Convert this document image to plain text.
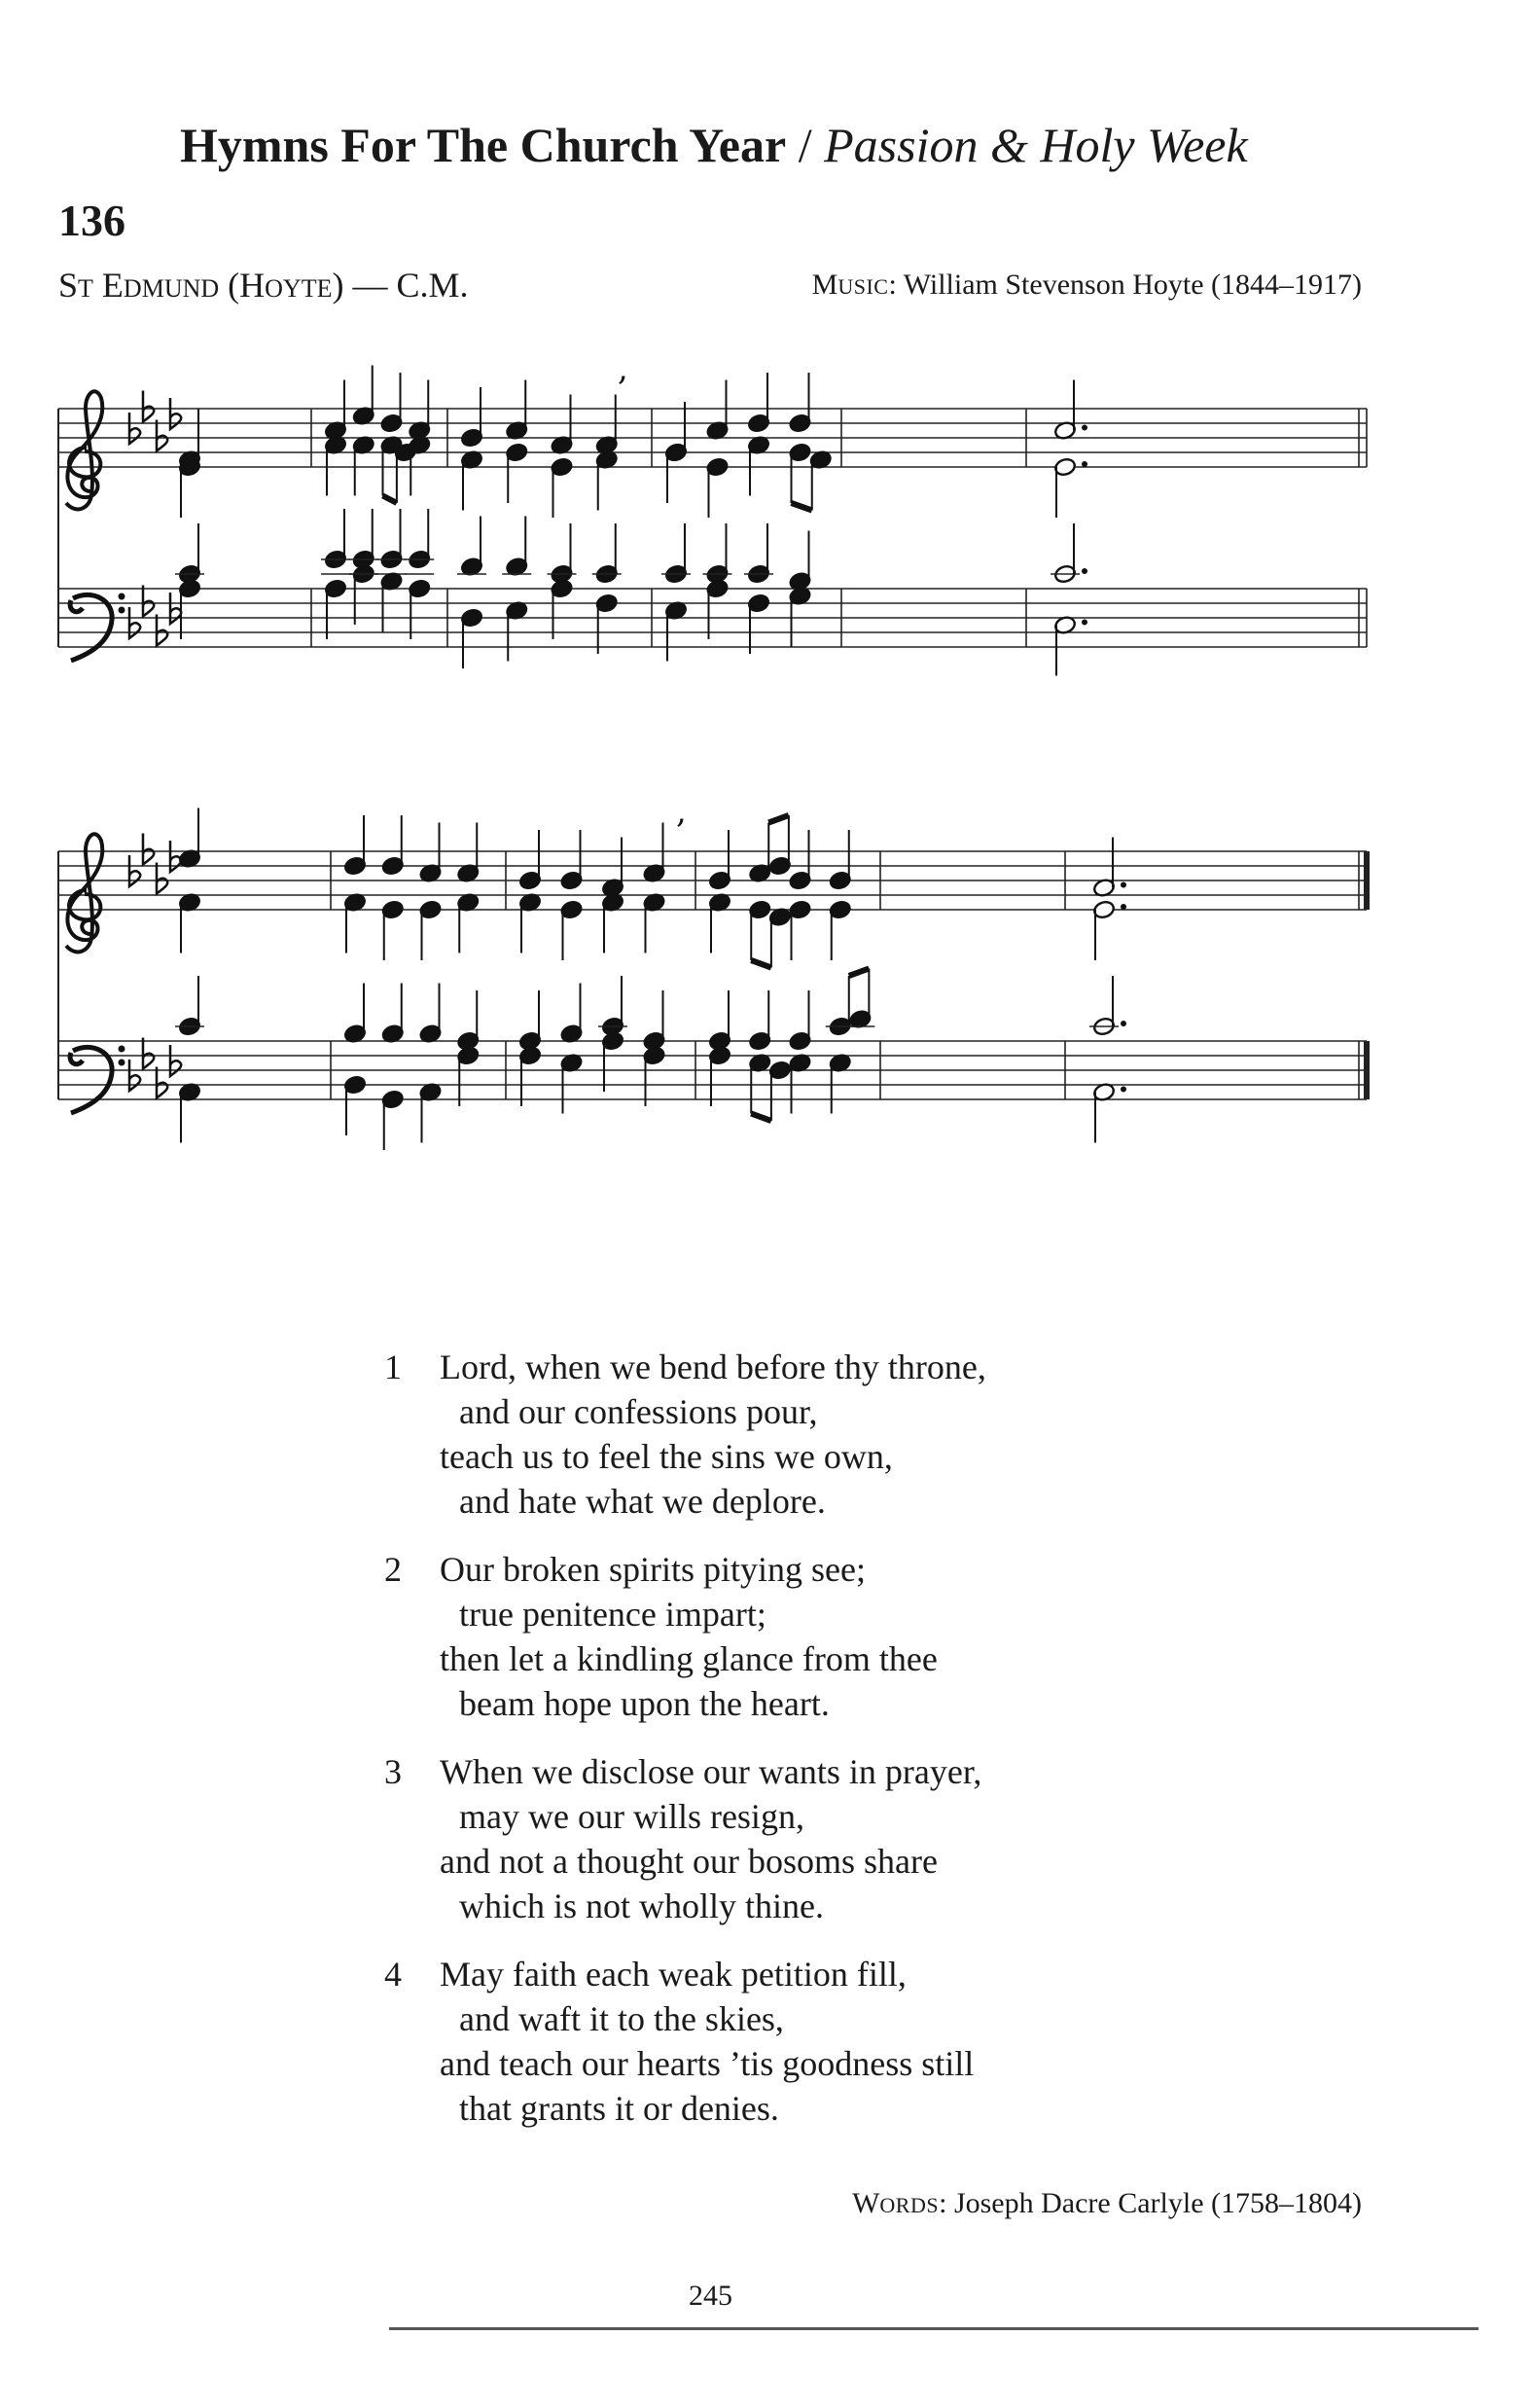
Hymns For The Church Year / Passion & Holy Week
136
ST EDMUND (HOYTE) — C.M.	MUSIC: William Stevenson Hoyte (1844–1917)
,
,
1	Lord, when we bend before thy throne,
and our confessions pour,
teach us to feel the sins we own,
and hate what we deplore.
2	Our broken spirits pitying see;
true penitence impart;
then let a kindling glance from thee
beam hope upon the heart.
3	When we disclose our wants in prayer,
may we our wills resign,
and not a thought our bosoms share
which is not wholly thine.
4	May faith each weak petition fill,
and waft it to the skies,
and teach our hearts ’tis goodness still
that grants it or denies.
WORDS: Joseph Dacre Carlyle (1758–1804)
245
